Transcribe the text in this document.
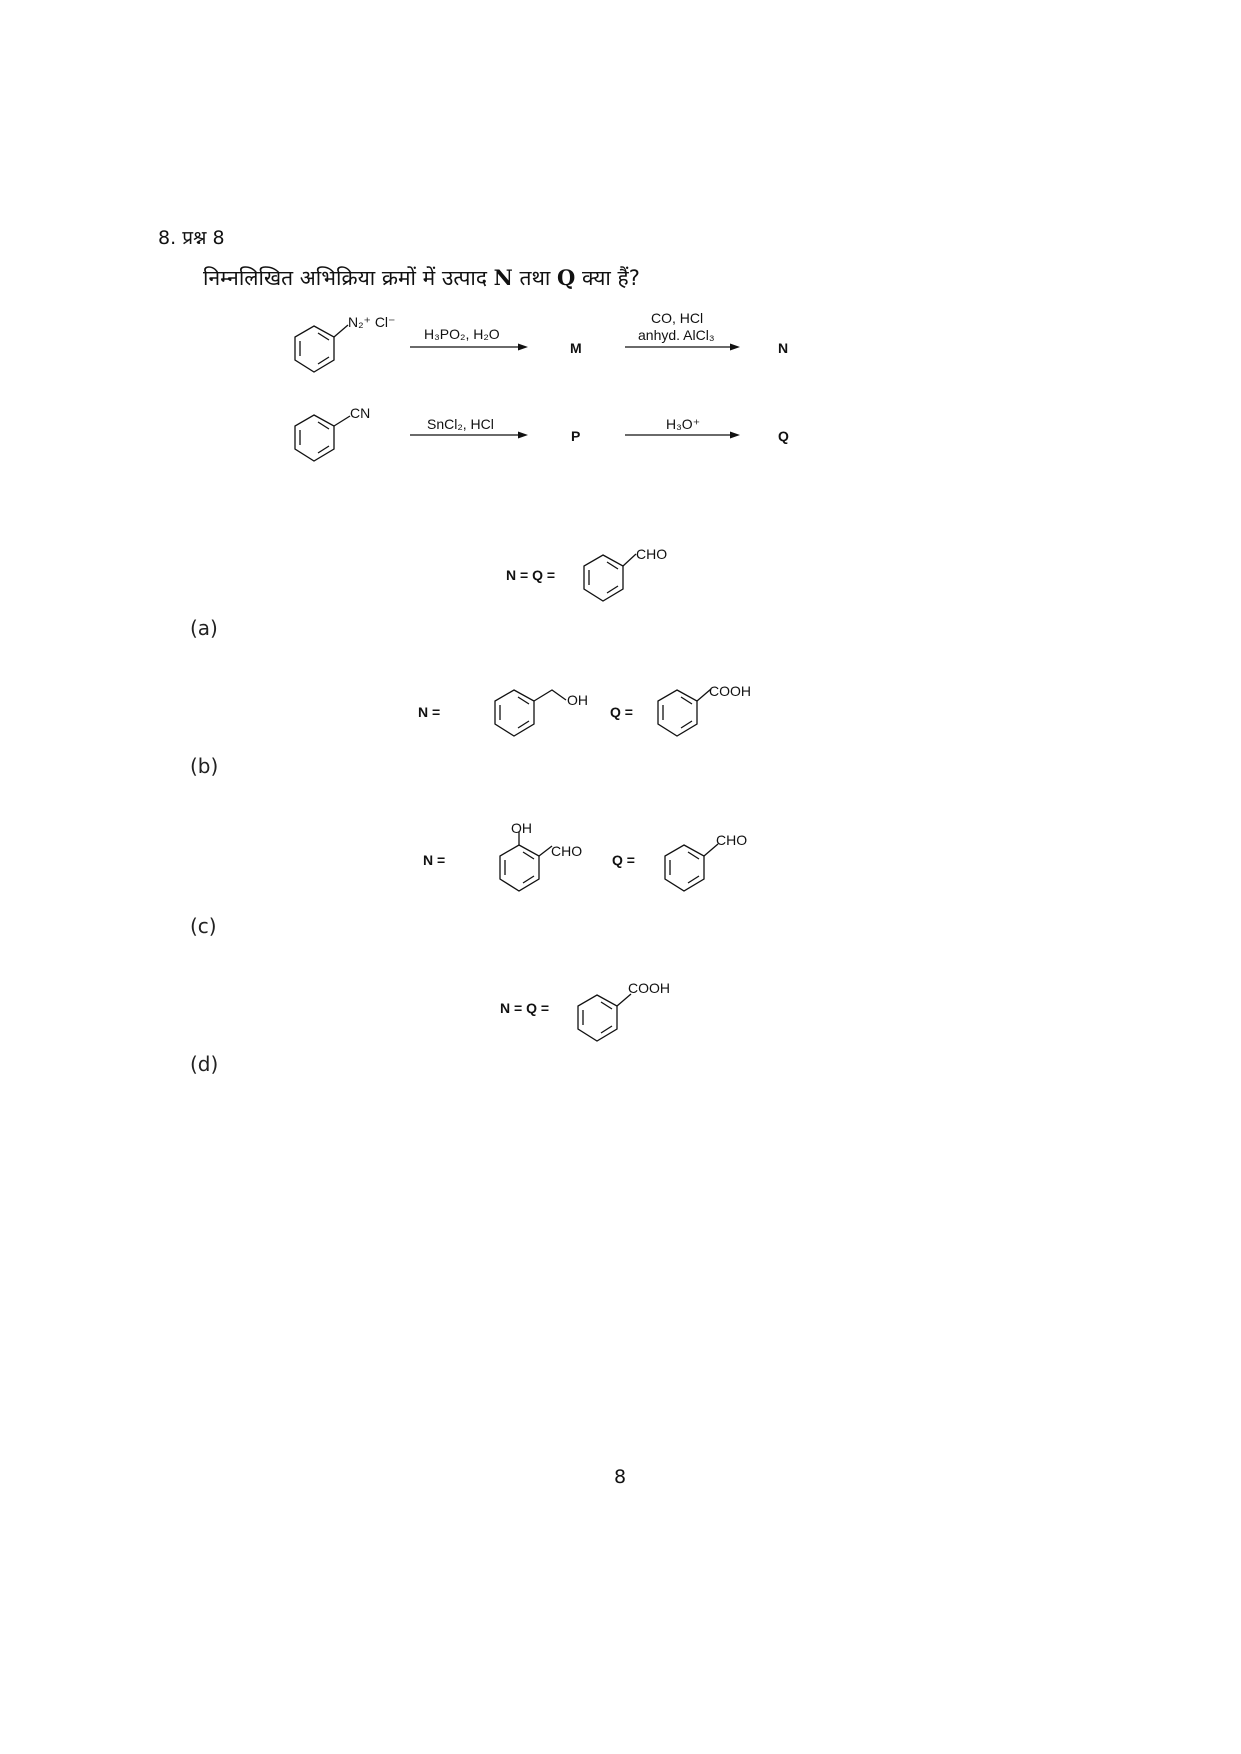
8. प्रश्न 8
निम्नलिखित अभिक्रिया क्रमों में उत्पाद N तथा Q क्या हैं?
N₂⁺ Cl⁻
H₃PO₂, H₂O
M
CO, HCl
anhyd. AlCl₃
N
CN
SnCl₂, HCl
P
H₃O⁺
Q
N = Q =
CHO
(a)
N =
OH
Q =
COOH
(b)
N =
OH
CHO
Q =
CHO
(c)
N = Q =
COOH
(d)
8
